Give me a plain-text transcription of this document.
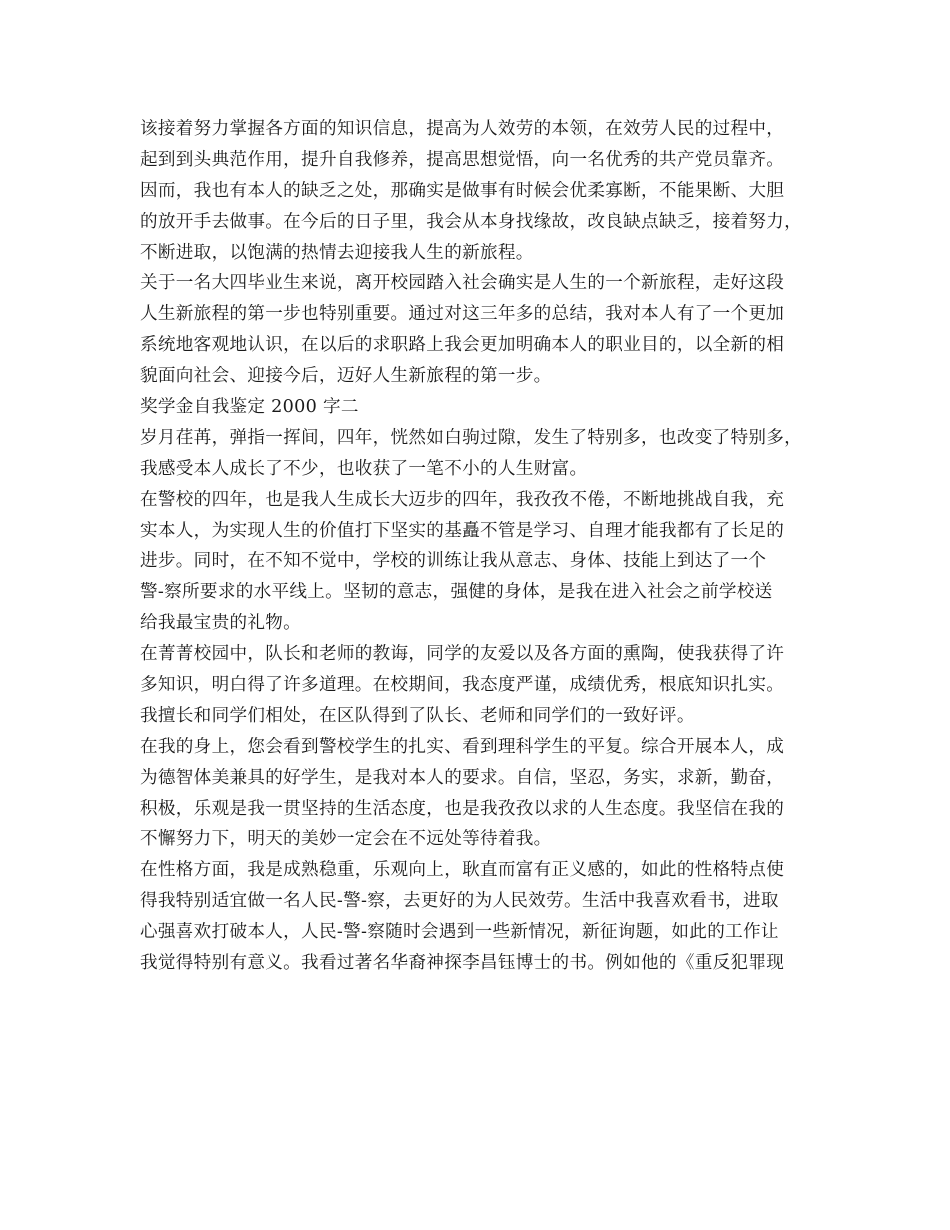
该接着努力掌握各方面的知识信息，提高为人效劳的本领，在效劳人民的过程中，
起到到头典范作用，提升自我修养，提高思想觉悟，向一名优秀的共产党员靠齐。
因而，我也有本人的缺乏之处，那确实是做事有时候会优柔寡断，不能果断、大胆
的放开手去做事。在今后的日子里，我会从本身找缘故，改良缺点缺乏，接着努力，
不断进取，以饱满的热情去迎接我人生的新旅程。
关于一名大四毕业生来说，离开校园踏入社会确实是人生的一个新旅程，走好这段
人生新旅程的第一步也特别重要。通过对这三年多的总结，我对本人有了一个更加
系统地客观地认识，在以后的求职路上我会更加明确本人的职业目的，以全新的相
貌面向社会、迎接今后，迈好人生新旅程的第一步。
奖学金自我鉴定 2000 字二
岁月荏苒，弹指一挥间，四年，恍然如白驹过隙，发生了特别多，也改变了特别多，
我感受本人成长了不少，也收获了一笔不小的人生财富。
在警校的四年，也是我人生成长大迈步的四年，我孜孜不倦，不断地挑战自我，充
实本人，为实现人生的价值打下坚实的基矗不管是学习、自理才能我都有了长足的
进步。同时，在不知不觉中，学校的训练让我从意志、身体、技能上到达了一个
警-察所要求的水平线上。坚韧的意志，强健的身体，是我在进入社会之前学校送
给我最宝贵的礼物。
在菁菁校园中，队长和老师的教诲，同学的友爱以及各方面的熏陶，使我获得了许
多知识，明白得了许多道理。在校期间，我态度严谨，成绩优秀，根底知识扎实。
我擅长和同学们相处，在区队得到了队长、老师和同学们的一致好评。
在我的身上，您会看到警校学生的扎实、看到理科学生的平复。综合开展本人，成
为德智体美兼具的好学生，是我对本人的要求。自信，坚忍，务实，求新，勤奋，
积极，乐观是我一贯坚持的生活态度，也是我孜孜以求的人生态度。我坚信在我的
不懈努力下，明天的美妙一定会在不远处等待着我。
在性格方面，我是成熟稳重，乐观向上，耿直而富有正义感的，如此的性格特点使
得我特别适宜做一名人民-警-察，去更好的为人民效劳。生活中我喜欢看书，进取
心强喜欢打破本人，人民-警-察随时会遇到一些新情况，新征询题，如此的工作让
我觉得特别有意义。我看过著名华裔神探李昌钰博士的书。例如他的《重反犯罪现
